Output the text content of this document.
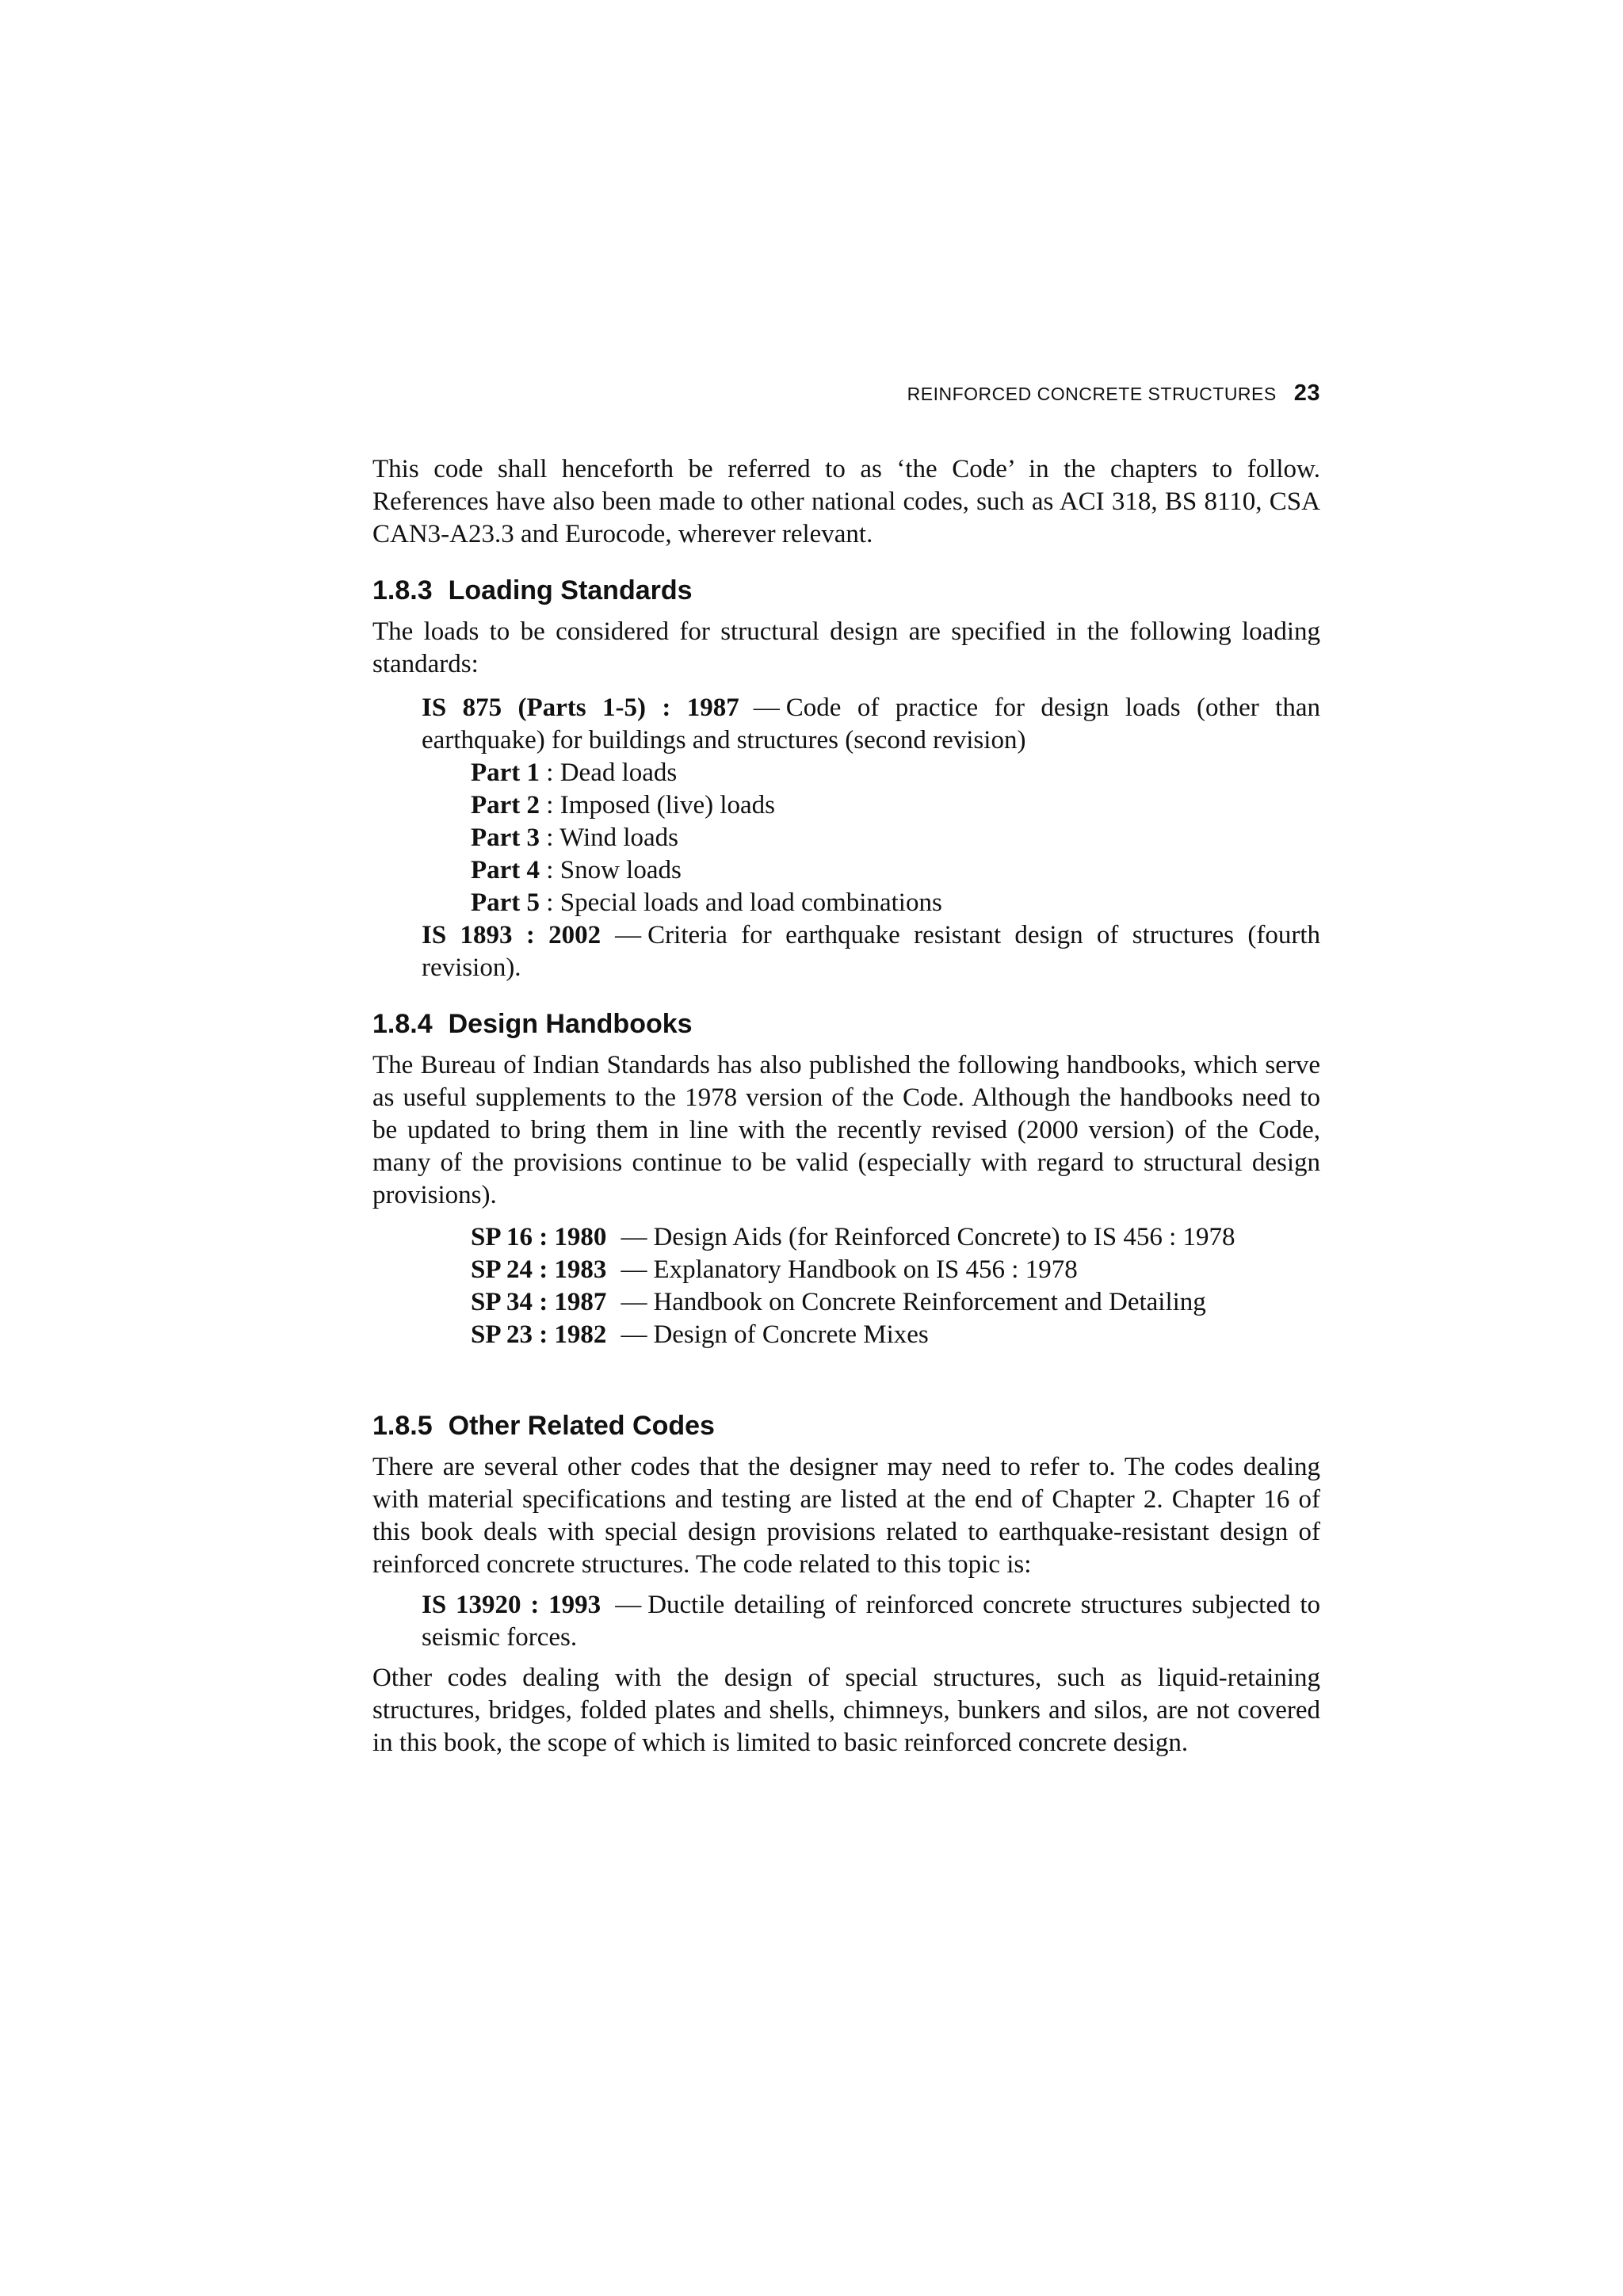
REINFORCED CONCRETE STRUCTURES 23

This code shall henceforth be referred to as ‘the Code’ in the chapters to follow. References have also been made to other national codes, such as ACI 318, BS 8110, CSA CAN3-A23.3 and Eurocode, wherever relevant.

1.8.3 Loading Standards

The loads to be considered for structural design are specified in the following loading standards:

IS 875 (Parts 1-5) : 1987 — Code of practice for design loads (other than earthquake) for buildings and structures (second revision)

Part 1 : Dead loads

Part 2 : Imposed (live) loads

Part 3 : Wind loads

Part 4 : Snow loads

Part 5 : Special loads and load combinations

IS 1893 : 2002 — Criteria for earthquake resistant design of structures (fourth revision).

1.8.4 Design Handbooks

The Bureau of Indian Standards has also published the following handbooks, which serve as useful supplements to the 1978 version of the Code. Although the handbooks need to be updated to bring them in line with the recently revised (2000 version) of the Code, many of the provisions continue to be valid (especially with regard to structural design provisions).

SP 16 : 1980 — Design Aids (for Reinforced Concrete) to IS 456 : 1978

SP 24 : 1983 — Explanatory Handbook on IS 456 : 1978

SP 34 : 1987 — Handbook on Concrete Reinforcement and Detailing

SP 23 : 1982 — Design of Concrete Mixes

1.8.5 Other Related Codes

There are several other codes that the designer may need to refer to. The codes dealing with material specifications and testing are listed at the end of Chapter 2. Chapter 16 of this book deals with special design provisions related to earthquake-resistant design of reinforced concrete structures. The code related to this topic is:

IS 13920 : 1993 — Ductile detailing of reinforced concrete structures subjected to seismic forces.

Other codes dealing with the design of special structures, such as liquid-retaining structures, bridges, folded plates and shells, chimneys, bunkers and silos, are not covered in this book, the scope of which is limited to basic reinforced concrete design.
